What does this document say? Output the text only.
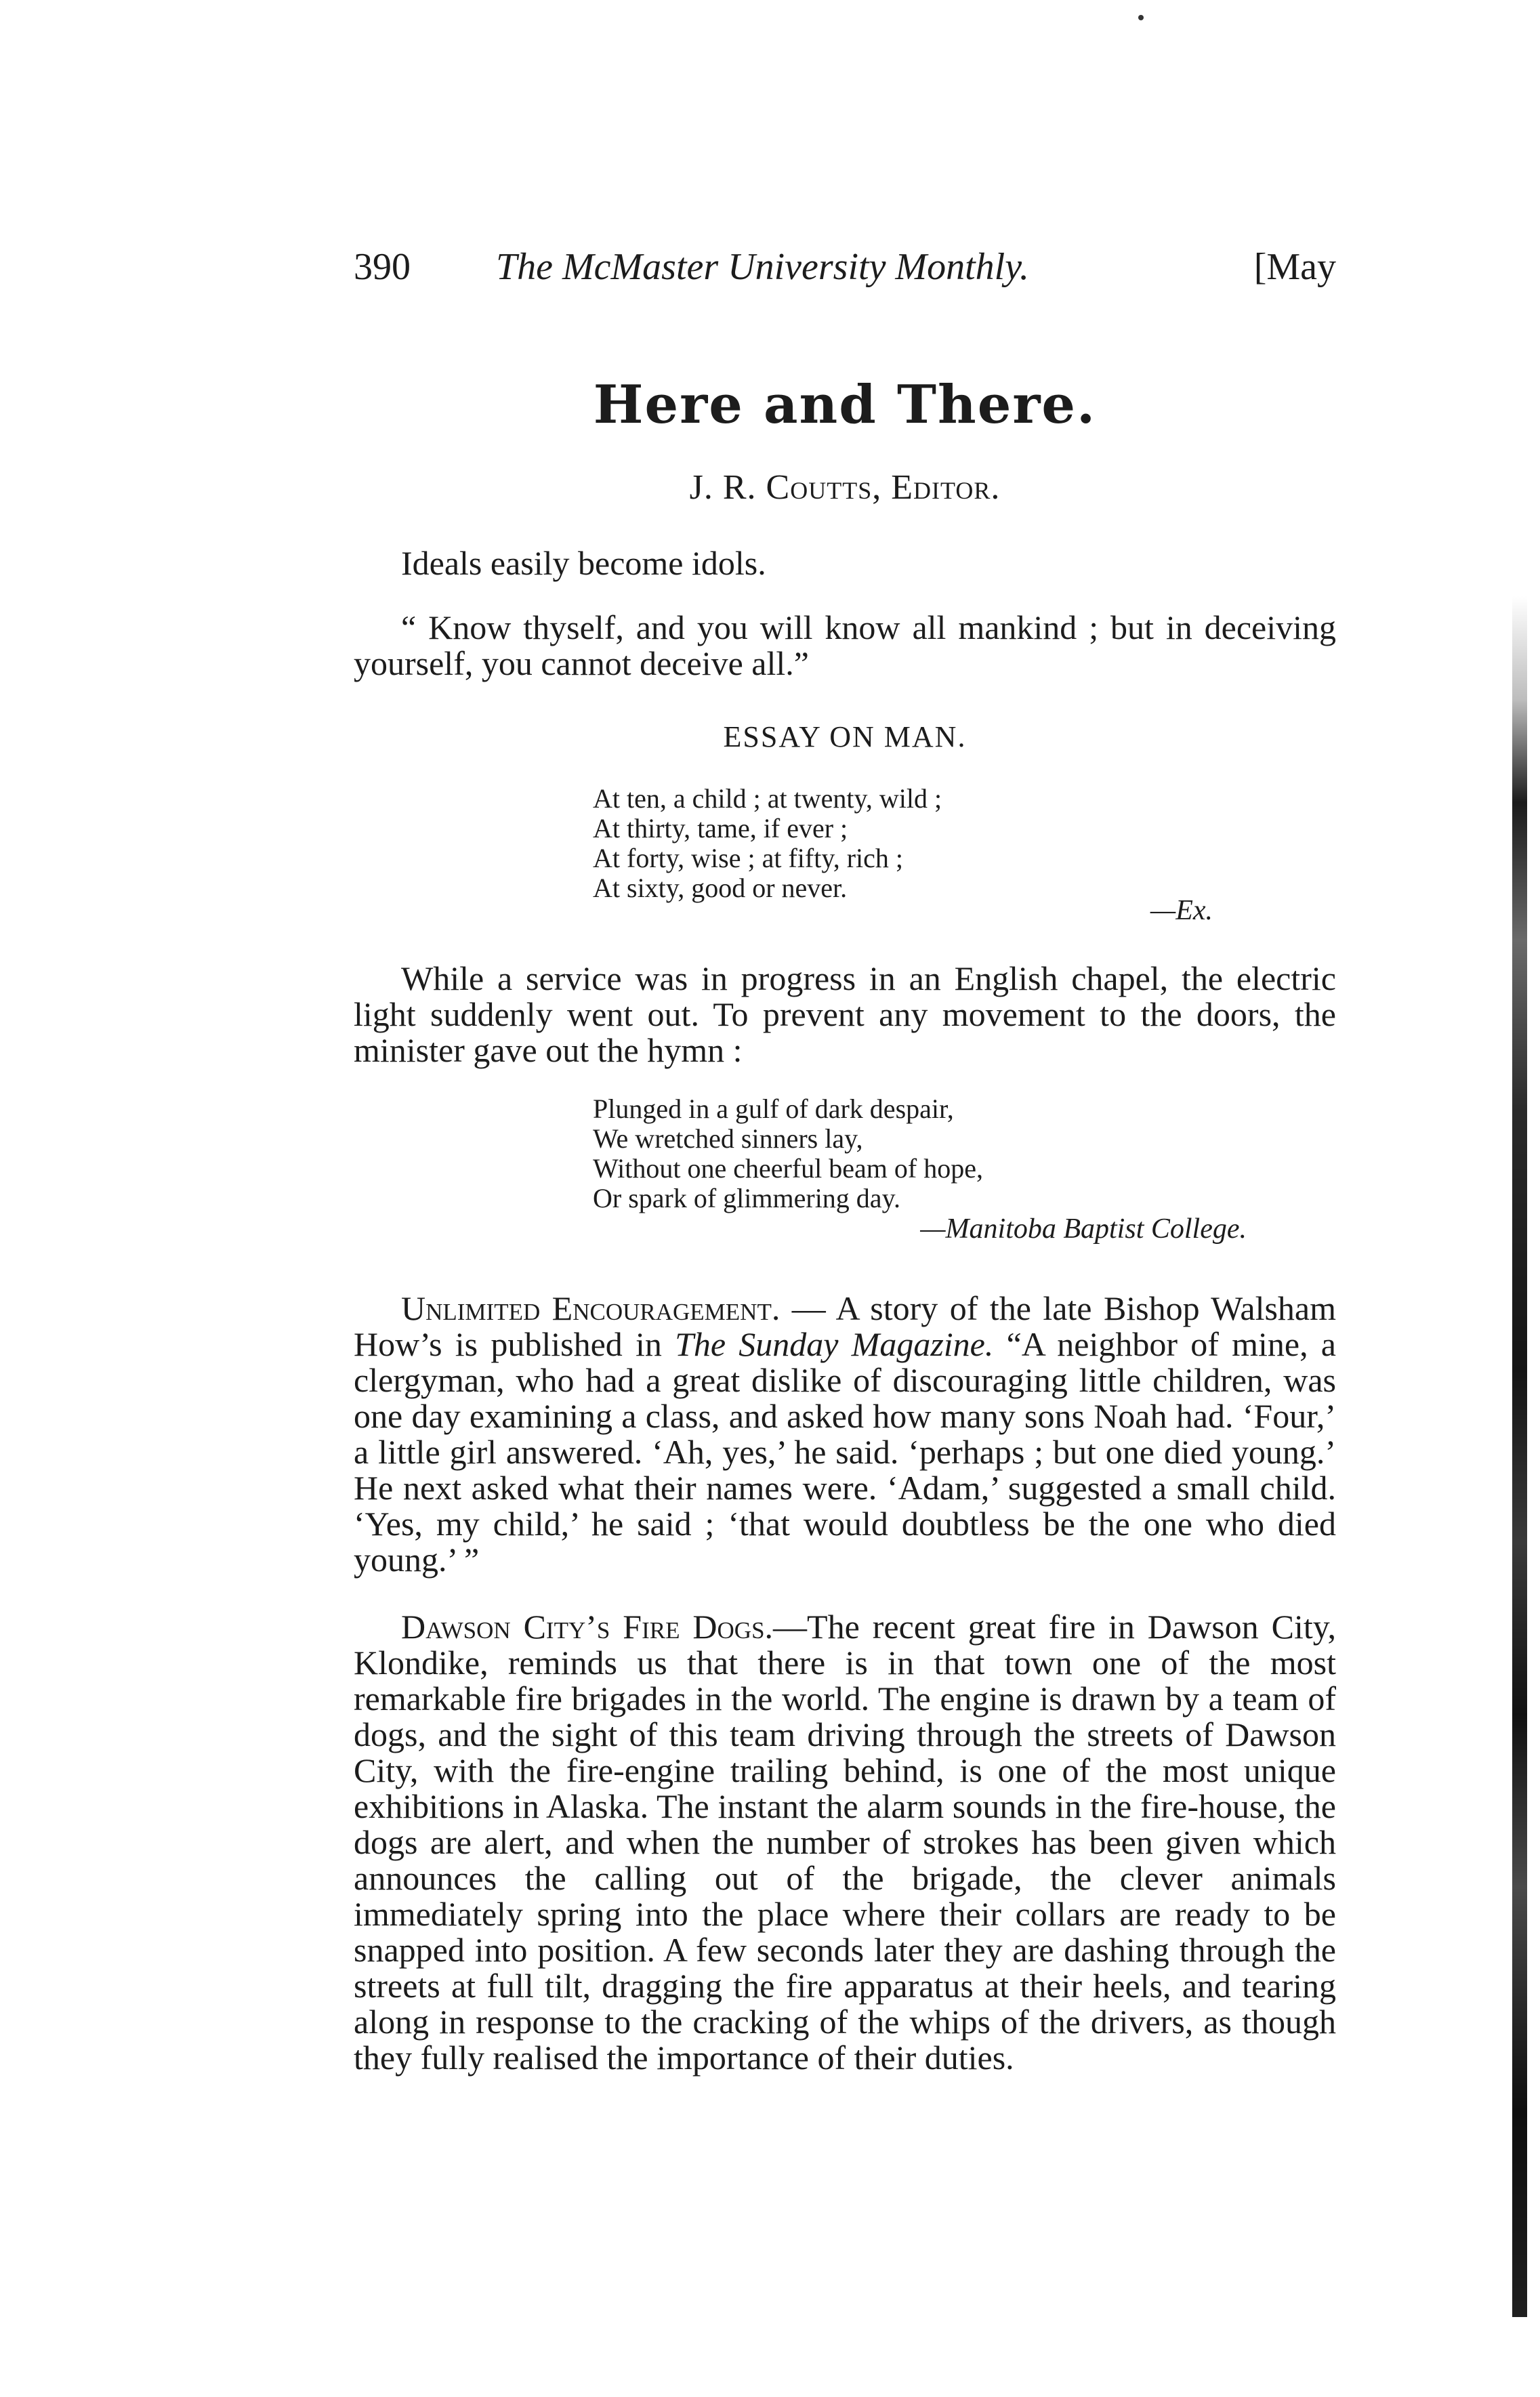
390 The McMaster University Monthly.	[May
Here and There.
J. R. Coutts, Editor.

Ideals easily become idols.

“ Know thyself, and you will know all mankind ; but in deceiving yourself, you cannot deceive all.”

ESSAY ON MAN.
At ten, a child ; at twenty, wild ;
At thirty, tame, if ever ;
At forty, wise ; at fifty, rich ;
At sixty, good or never.
—Ex.

While a service was in progress in an English chapel, the electric light suddenly went out. To prevent any movement to the doors, the minister gave out the hymn :

Plunged in a gulf of dark despair,
We wretched sinners lay,
Without one cheerful beam of hope,
Or spark of glimmering day.
—Manitoba Baptist College.

Unlimited Encouragement. — A story of the late Bishop Walsham How’s is published in The Sunday Magazine. “A neighbor of mine, a clergyman, who had a great dislike of discouraging little children, was one day examining a class, and asked how many sons Noah had. ‘Four,’ a little girl answered. ‘Ah, yes,’ he said. ‘perhaps ; but one died young.’ He next asked what their names were. ‘Adam,’ suggested a small child. ‘Yes, my child,’ he said ; ‘that would doubtless be the one who died young.’ ”

Dawson City’s Fire Dogs.—The recent great fire in Dawson City, Klondike, reminds us that there is in that town one of the most remarkable fire brigades in the world. The engine is drawn by a team of dogs, and the sight of this team driving through the streets of Dawson City, with the fire-engine trailing behind, is one of the most unique exhibitions in Alaska. The instant the alarm sounds in the fire-house, the dogs are alert, and when the number of strokes has been given which announces the calling out of the brigade, the clever animals immediately spring into the place where their collars are ready to be snapped into position. A few seconds later they are dashing through the streets at full tilt, dragging the fire apparatus at their heels, and tearing along in response to the cracking of the whips of the drivers, as though they fully realised the importance of their duties.
